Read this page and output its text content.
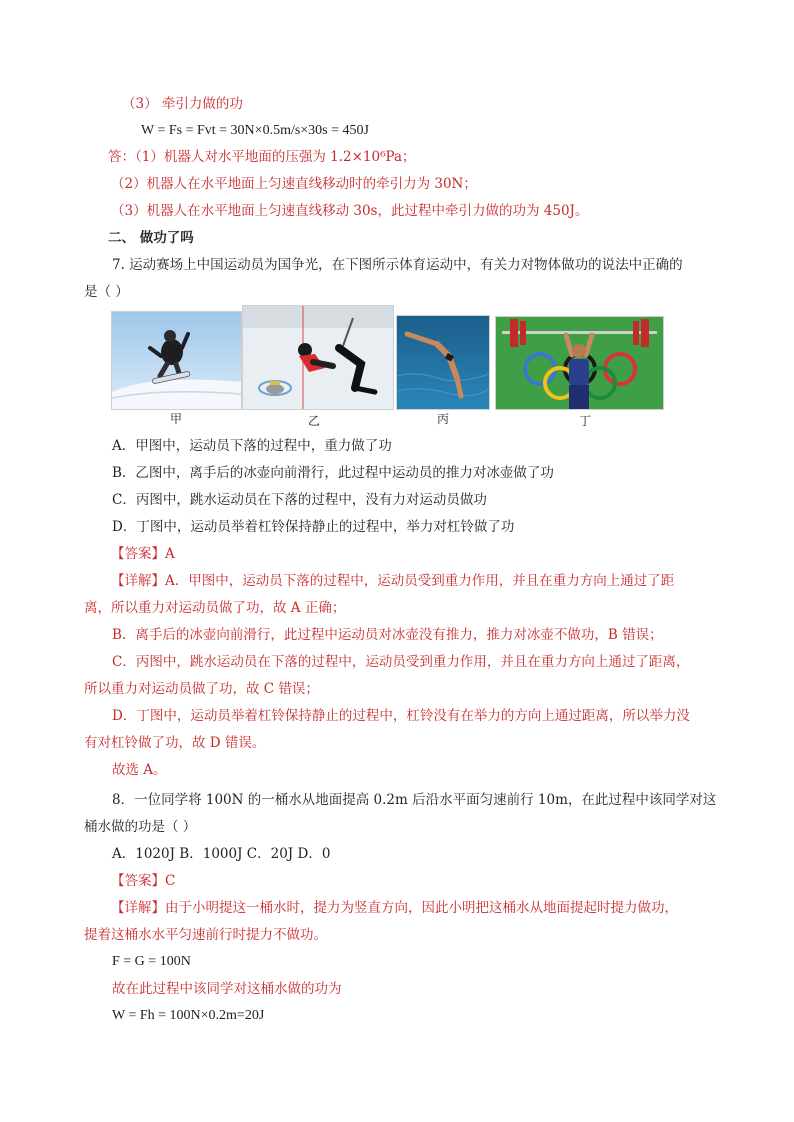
（3） 牵引力做的功
W = Fs = Fvt = 30N×0.5m/s×30s = 450J
答：（1）机器人对水平地面的压强为 1.2×10⁶Pa；
（2）机器人在水平地面上匀速直线移动时的牵引力为 30N；
（3）机器人在水平地面上匀速直线移动 30s，此过程中牵引力做的功为 450J。
二、 做功了吗
7. 运动赛场上中国运动员为国争光，在下图所示体育运动中，有关力对物体做功的说法中正确的
是（ ）
甲	乙	丙	丁
A．甲图中，运动员下落的过程中，重力做了功
B．乙图中，离手后的冰壶向前滑行，此过程中运动员的推力对冰壶做了功
C．丙图中，跳水运动员在下落的过程中，没有力对运动员做功
D．丁图中，运动员举着杠铃保持静止的过程中，举力对杠铃做了功
【答案】A
【详解】A．甲图中，运动员下落的过程中，运动员受到重力作用，并且在重力方向上通过了距
离，所以重力对运动员做了功，故 A 正确；
B．离手后的冰壶向前滑行，此过程中运动员对冰壶没有推力，推力对冰壶不做功，B 错误；
C．丙图中，跳水运动员在下落的过程中，运动员受到重力作用，并且在重力方向上通过了距离，
所以重力对运动员做了功，故 C 错误；
D．丁图中，运动员举着杠铃保持静止的过程中，杠铃没有在举力的方向上通过距离，所以举力没
有对杠铃做了功，故 D 错误。
故选 A。
8．一位同学将 100N 的一桶水从地面提高 0.2m 后沿水平面匀速前行 10m，在此过程中该同学对这
桶水做的功是（ ）
A．1020J B．1000J C．20J D．0
【答案】C
【详解】由于小明提这一桶水时，提力为竖直方向，因此小明把这桶水从地面提起时提力做功，
提着这桶水水平匀速前行时提力不做功。
F = G = 100N
故在此过程中该同学对这桶水做的功为
W = Fh = 100N×0.2m=20J
